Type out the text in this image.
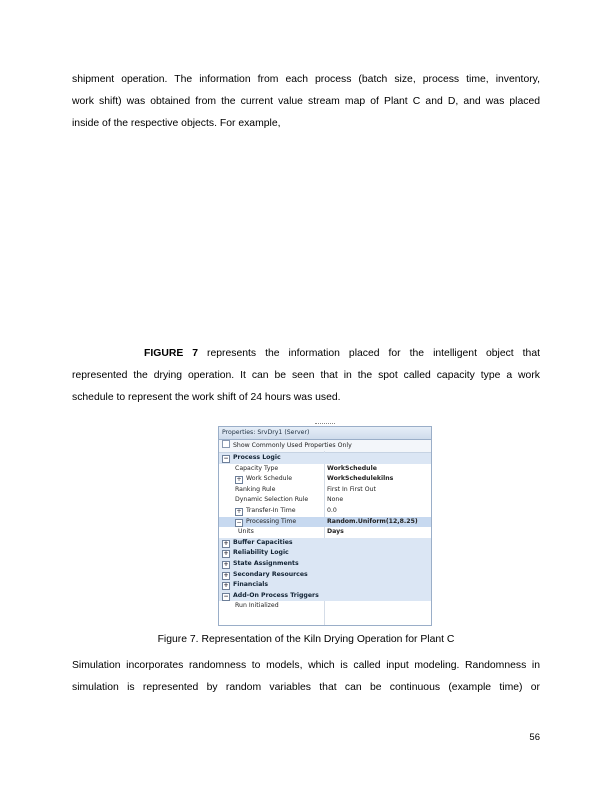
shipment operation. The information from each process (batch size, process time, inventory,
work shift) was obtained from the current value stream map of Plant C and D, and was placed
inside of the respective objects. For example,
FIGURE 7 represents the information placed for the intelligent object that
represented the drying operation. It can be seen that in the spot called capacity type a work
schedule to represent the work shift of 24 hours was used.
Properties: SrvDry1 (Server)
Show Commonly Used Properties Only
− Process Logic
Capacity Type	WorkSchedule
+ Work Schedule	WorkSchedulekilns
Ranking Rule	First In First Out
Dynamic Selection Rule	None
+ Transfer-In Time	0.0
− Processing Time	Random.Uniform(12,8.25)
Units	Days
+ Buffer Capacities
+ Reliability Logic
+ State Assignments
+ Secondary Resources
+ Financials
− Add-On Process Triggers
Run Initialized
Figure 7. Representation of the Kiln Drying Operation for Plant C
Simulation incorporates randomness to models, which is called input modeling. Randomness in
simulation is represented by random variables that can be continuous (example time) or
56
